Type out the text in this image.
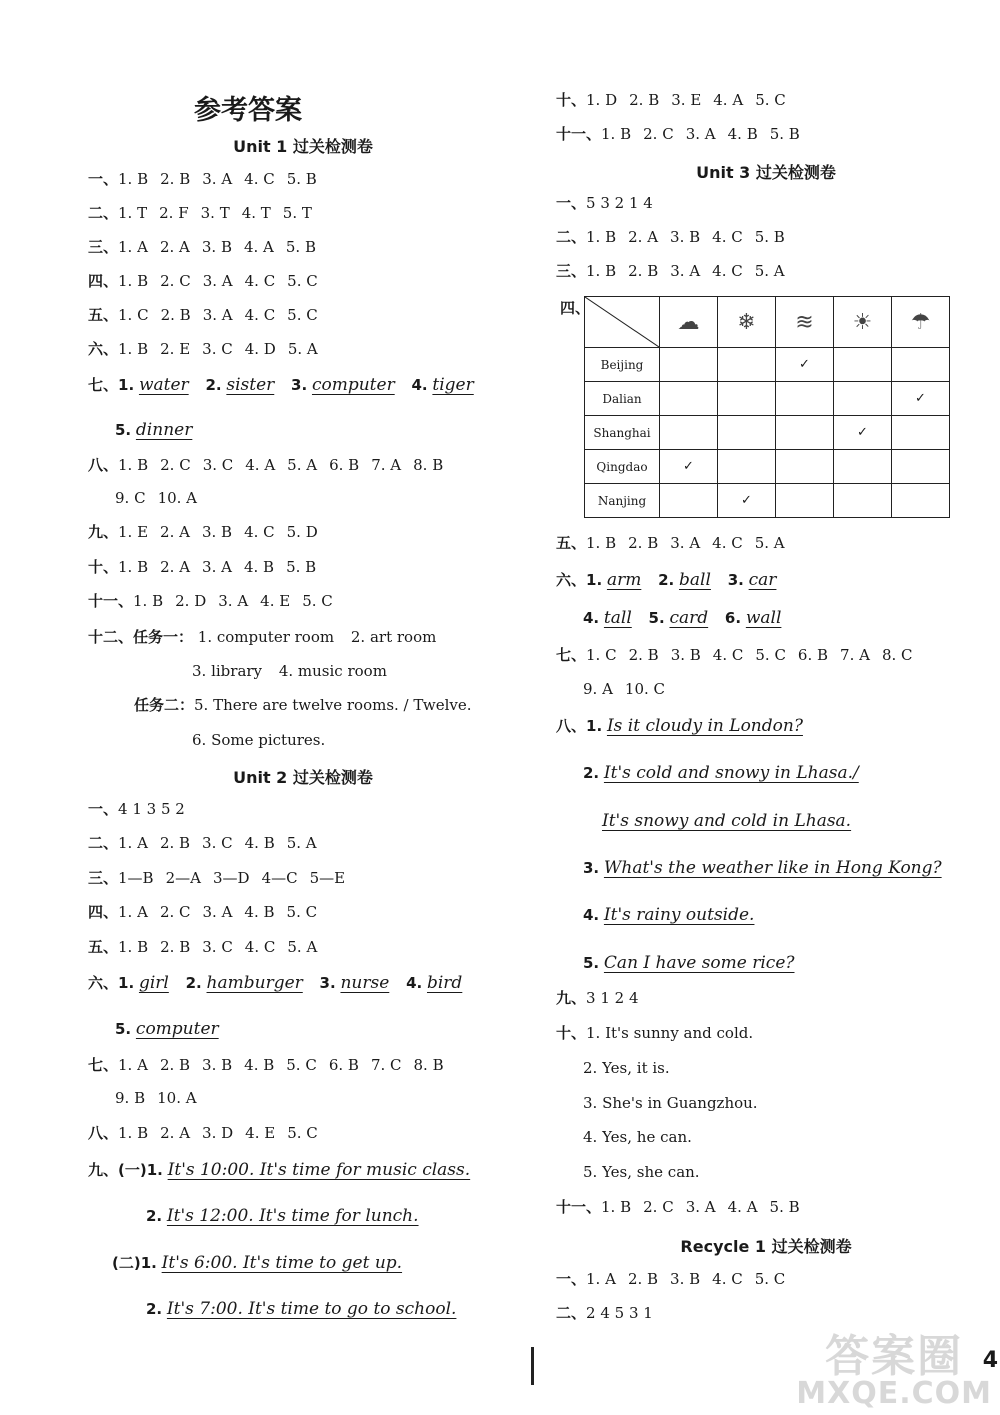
参考答案
Unit 1 过关检测卷
一、1. B 2. B 3. A 4. C 5. B
二、1. T 2. F 3. T 4. T 5. T
三、1. A 2. A 3. B 4. A 5. B
四、1. B 2. C 3. A 4. C 5. C
五、1. C 2. B 3. A 4. C 5. C
六、1. B 2. E 3. C 4. D 5. A
七、1. water 2. sister 3. computer 4. tiger
5. dinner
八、1. B 2. C 3. C 4. A 5. A 6. B 7. A 8. B
9. C 10. A
九、1. E 2. A 3. B 4. C 5. D
十、1. B 2. A 3. A 4. B 5. B
十一、1. B 2. D 3. A 4. E 5. C
十二、任务一： 1. computer room 2. art room
3. library 4. music room
任务二：5. There are twelve rooms. / Twelve.
6. Some pictures.
Unit 2 过关检测卷
一、4 1 3 5 2
二、1. A 2. B 3. C 4. B 5. A
三、1—B 2—A 3—D 4—C 5—E
四、1. A 2. C 3. A 4. B 5. C
五、1. B 2. B 3. C 4. C 5. A
六、1. girl 2. hamburger 3. nurse 4. bird
5. computer
七、1. A 2. B 3. B 4. B 5. C 6. B 7. C 8. B
9. B 10. A
八、1. B 2. A 3. D 4. E 5. C
九、(一)1. It's 10:00. It's time for music class.
2. It's 12:00. It's time for lunch.
(二)1. It's 6:00. It's time to get up.
2. It's 7:00. It's time to go to school.
十、1. D 2. B 3. E 4. A 5. C
十一、1. B 2. C 3. A 4. B 5. B
Unit 3 过关检测卷
一、5 3 2 1 4
二、1. B 2. A 3. B 4. C 5. B
三、1. B 2. B 3. A 4. C 5. A
四、
	☁	❄	≋	☀	☂
Beijing			✓		
Dalian					✓
Shanghai				✓	
Qingdao	✓				
Nanjing		✓			
五、1. B 2. B 3. A 4. C 5. A
六、1. arm 2. ball 3. car
4. tall 5. card 6. wall
七、1. C 2. B 3. B 4. C 5. C 6. B 7. A 8. C
9. A 10. C
八、1. Is it cloudy in London?
2. It's cold and snowy in Lhasa./
It's snowy and cold in Lhasa.
3. What's the weather like in Hong Kong?
4. It's rainy outside.
5. Can I have some rice?
九、3 1 2 4
十、1. It's sunny and cold.
2. Yes, it is.
3. She's in Guangzhou.
4. Yes, he can.
5. Yes, she can.
十一、1. B 2. C 3. A 4. A 5. B
Recycle 1 过关检测卷
一、1. A 2. B 3. B 4. C 5. C
二、2 4 5 3 1
答案圈
MXQE.COM
4
